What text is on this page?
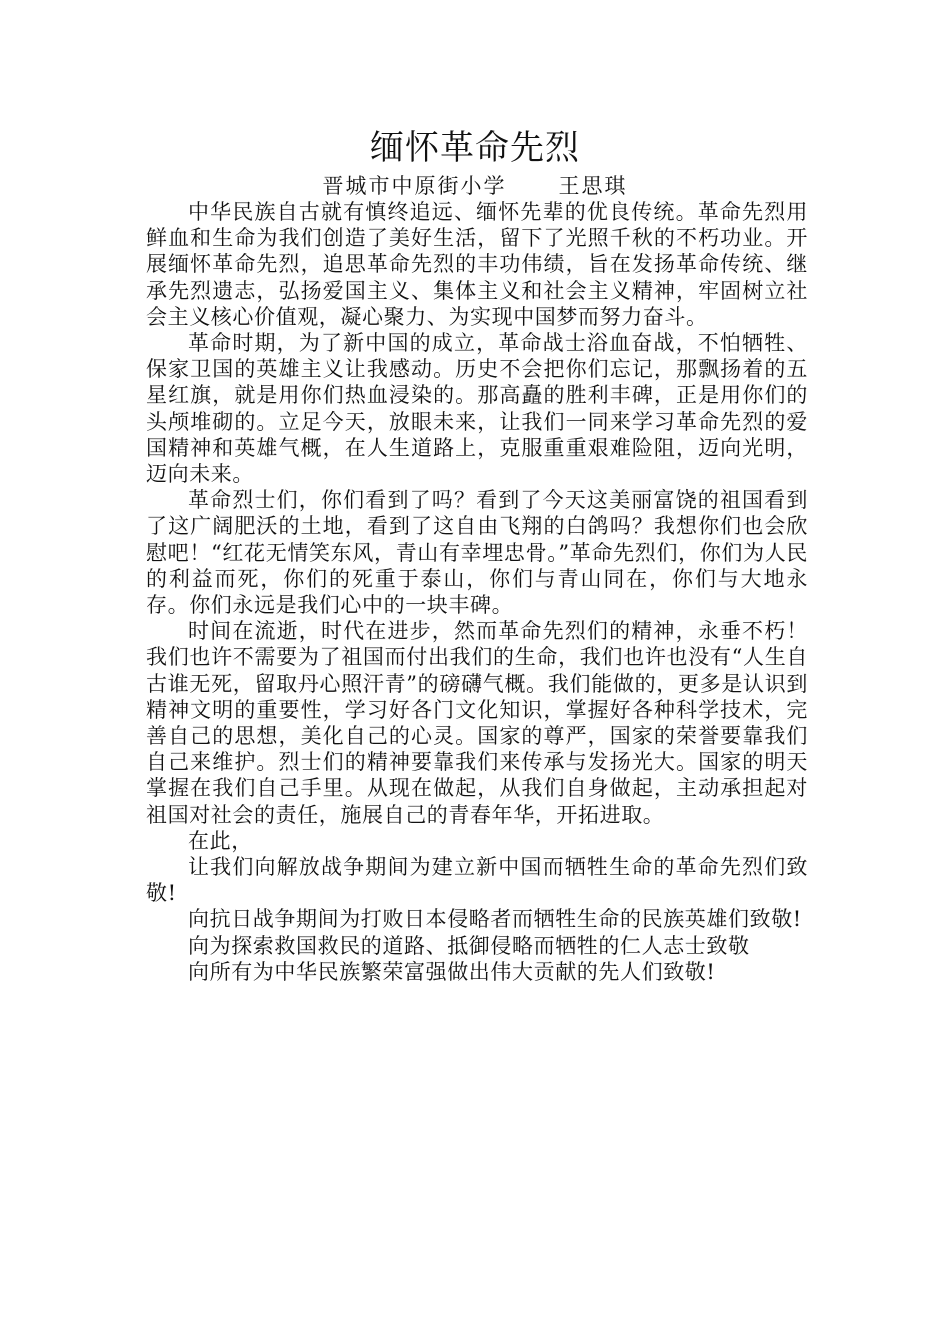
缅怀革命先烈
晋城市中原街小学      王思琪

中华民族自古就有慎终追远、缅怀先辈的优良传统。革命先烈用鲜血和生命为我们创造了美好生活，留下了光照千秋的不朽功业。开展缅怀革命先烈，追思革命先烈的丰功伟绩，旨在发扬革命传统、继承先烈遗志，弘扬爱国主义、集体主义和社会主义精神，牢固树立社会主义核心价值观，凝心聚力、为实现中国梦而努力奋斗。

革命时期，为了新中国的成立，革命战士浴血奋战，不怕牺牲、保家卫国的英雄主义让我感动。历史不会把你们忘记，那飘扬着的五星红旗，就是用你们热血浸染的。那高矗的胜利丰碑，正是用你们的头颅堆砌的。立足今天，放眼未来，让我们一同来学习革命先烈的爱国精神和英雄气概，在人生道路上，克服重重艰难险阻，迈向光明，迈向未来。

革命烈士们，你们看到了吗？看到了今天这美丽富饶的祖国看到了这广阔肥沃的土地，看到了这自由飞翔的白鸽吗？我想你们也会欣慰吧！“红花无情笑东风，青山有幸埋忠骨。”革命先烈们，你们为人民的利益而死，你们的死重于泰山，你们与青山同在，你们与大地永存。你们永远是我们心中的一块丰碑。

时间在流逝，时代在进步，然而革命先烈们的精神，永垂不朽！我们也许不需要为了祖国而付出我们的生命，我们也许也没有“人生自古谁无死，留取丹心照汗青”的磅礴气概。我们能做的，更多是认识到精神文明的重要性，学习好各门文化知识，掌握好各种科学技术，完善自己的思想，美化自己的心灵。国家的尊严，国家的荣誉要靠我们自己来维护。烈士们的精神要靠我们来传承与发扬光大。国家的明天掌握在我们自己手里。从现在做起，从我们自身做起，主动承担起对祖国对社会的责任，施展自己的青春年华，开拓进取。

在此，

让我们向解放战争期间为建立新中国而牺牲生命的革命先烈们致敬!

向抗日战争期间为打败日本侵略者而牺牲生命的民族英雄们致敬!

向为探索救国救民的道路、抵御侵略而牺牲的仁人志士致敬

向所有为中华民族繁荣富强做出伟大贡献的先人们致敬!
